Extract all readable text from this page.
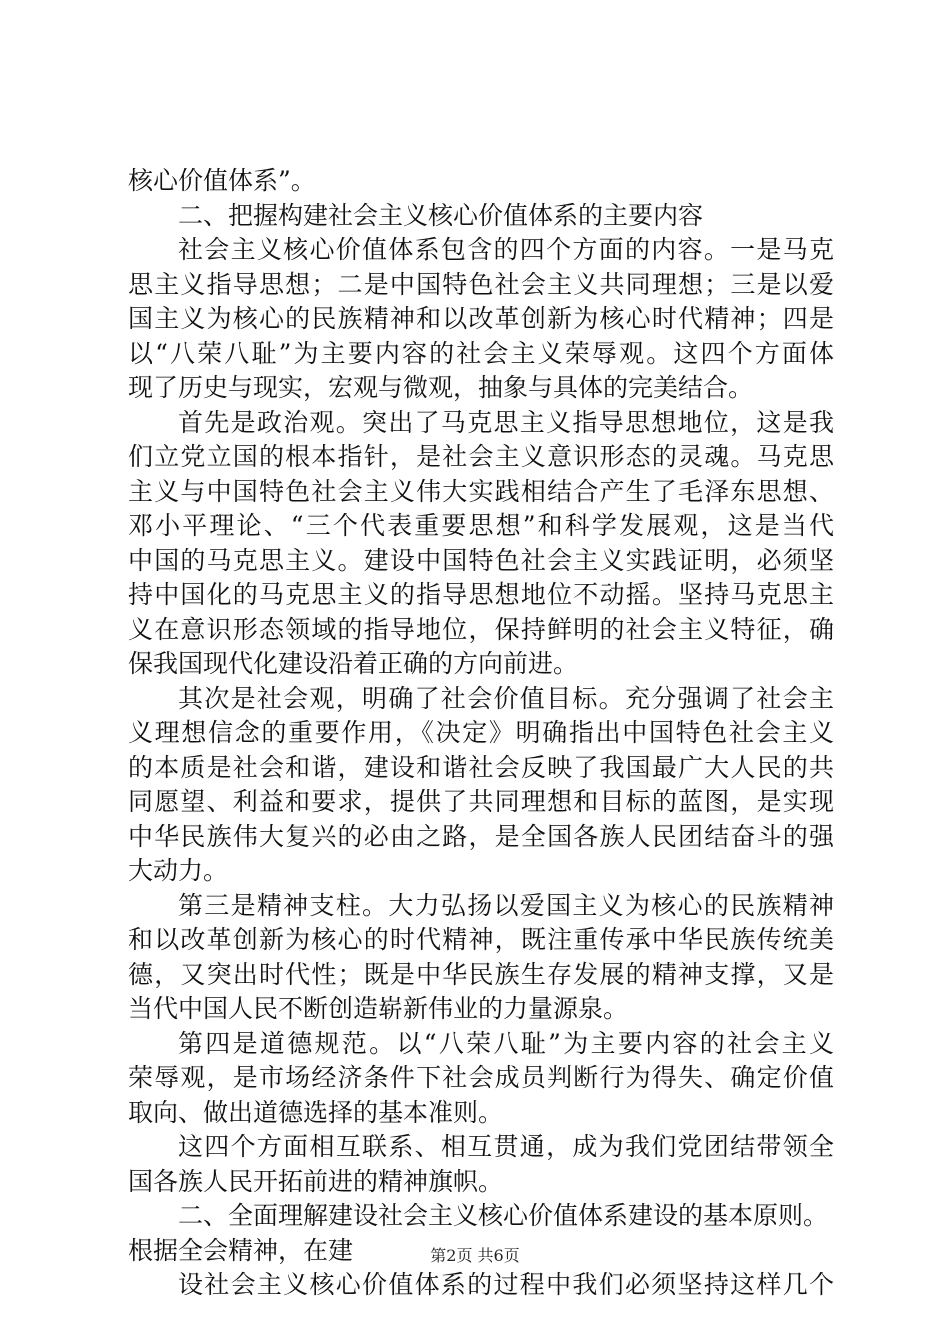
核心价值体系”。
二、把握构建社会主义核心价值体系的主要内容
社会主义核心价值体系包含的四个方面的内容。一是马克
思主义指导思想；二是中国特色社会主义共同理想；三是以爱
国主义为核心的民族精神和以改革创新为核心时代精神；四是
以“八荣八耻”为主要内容的社会主义荣辱观。这四个方面体
现了历史与现实，宏观与微观，抽象与具体的完美结合。
首先是政治观。突出了马克思主义指导思想地位，这是我
们立党立国的根本指针，是社会主义意识形态的灵魂。马克思
主义与中国特色社会主义伟大实践相结合产生了毛泽东思想、
邓小平理论、“三个代表重要思想”和科学发展观，这是当代
中国的马克思主义。建设中国特色社会主义实践证明，必须坚
持中国化的马克思主义的指导思想地位不动摇。坚持马克思主
义在意识形态领域的指导地位，保持鲜明的社会主义特征，确
保我国现代化建设沿着正确的方向前进。
其次是社会观，明确了社会价值目标。充分强调了社会主
义理想信念的重要作用，《决定》明确指出中国特色社会主义
的本质是社会和谐，建设和谐社会反映了我国最广大人民的共
同愿望、利益和要求，提供了共同理想和目标的蓝图，是实现
中华民族伟大复兴的必由之路，是全国各族人民团结奋斗的强
大动力。
第三是精神支柱。大力弘扬以爱国主义为核心的民族精神
和以改革创新为核心的时代精神，既注重传承中华民族传统美
德，又突出时代性；既是中华民族生存发展的精神支撑，又是
当代中国人民不断创造崭新伟业的力量源泉。
第四是道德规范。以“八荣八耻”为主要内容的社会主义
荣辱观，是市场经济条件下社会成员判断行为得失、确定价值
取向、做出道德选择的基本准则。
这四个方面相互联系、相互贯通，成为我们党团结带领全
国各族人民开拓前进的精神旗帜。
二、全面理解建设社会主义核心价值体系建设的基本原则。
根据全会精神，在建
设社会主义核心价值体系的过程中我们必须坚持这样几个
第2页 共6页
